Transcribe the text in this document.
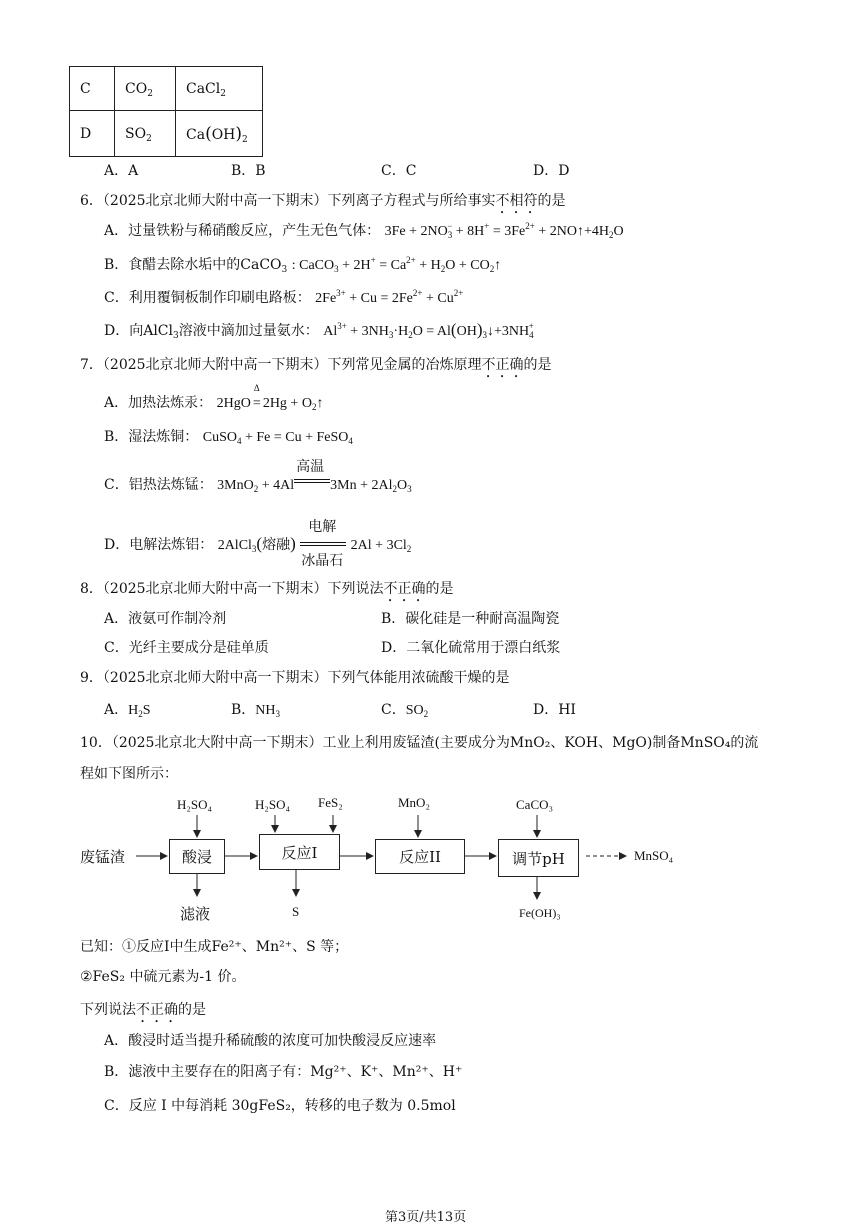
C	$CO_2$	CaCl$_2$
D	$SO_2$	$Ca(OH)_2$
A．A	B．B	C．C	D．D
6．（2025北京北师大附中高一下期末）下列离子方程式与所给事实不相符的是
A．过量铁粉与稀硝酸反应，产生无色气体： $3Fe + 2NO_3^- + 8H^+ = 3Fe^{2+}$ + $2NO↑+4H_2O$
B．食醋去除水垢中的CaCO$_3$ : CaCO$_3$ + $2H^+ = Ca^{2+} + H_2O$ + $CO_2↑$
C．利用覆铜板制作印刷电路板： $2Fe^{3+} + Cu = 2Fe^{2+} + Cu^{2+}$
D．向AlCl$_3$溶液中滴加过量氨水： $Al^{3+} + 3NH_3\cdot H_2O$ = $Al(OH)_3↓+3NH_4^+$
7．（2025北京北师大附中高一下期末）下列常见金属的冶炼原理不正确的是
A．加热法炼汞： 2HgO
Δ
= $2Hg + O_2↑$
B．湿法炼铜： CuSO$_4$ + Fe = Cu + FeSO$_4$
C．铝热法炼锰： 3MnO$_2$ + 4Al
高温
$3Mn + 2Al_2O_3$
D．电解法炼铝： 2AlCl$_3$(熔融)
电解
冰晶石
$2Al + 3Cl_2$
8．（2025北京北师大附中高一下期末）下列说法不正确的是
A．液氨可作制冷剂	B．碳化硅是一种耐高温陶瓷
C．光纤主要成分是硅单质	D．二氧化硫常用于漂白纸浆
9．（2025北京北师大附中高一下期末）下列气体能用浓硫酸干燥的是
A．$H_2S$	B．$NH_3$	C．$SO_2$	D．HI
10．（2025北京北大附中高一下期末）工业上利用废锰渣(主要成分为MnO₂、KOH、MgO)制备MnSO₄的流
程如下图所示：
废锰渣	酸浸	反应I	反应II	调节pH	MnSO₄
H₂SO₄	H₂SO₄ FeS₂	MnO₂	CaCO₃
滤液	S	Fe(OH)₃
已知：①反应I中生成Fe²⁺、Mn²⁺、S 等；
②FeS₂ 中硫元素为-1 价。
下列说法不正确的是
A．酸浸时适当提升稀硫酸的浓度可加快酸浸反应速率
B．滤液中主要存在的阳离子有：Mg²⁺、K⁺、Mn²⁺、H⁺
C．反应 I 中每消耗 30gFeS₂，转移的电子数为 0.5mol
第3页/共13页
